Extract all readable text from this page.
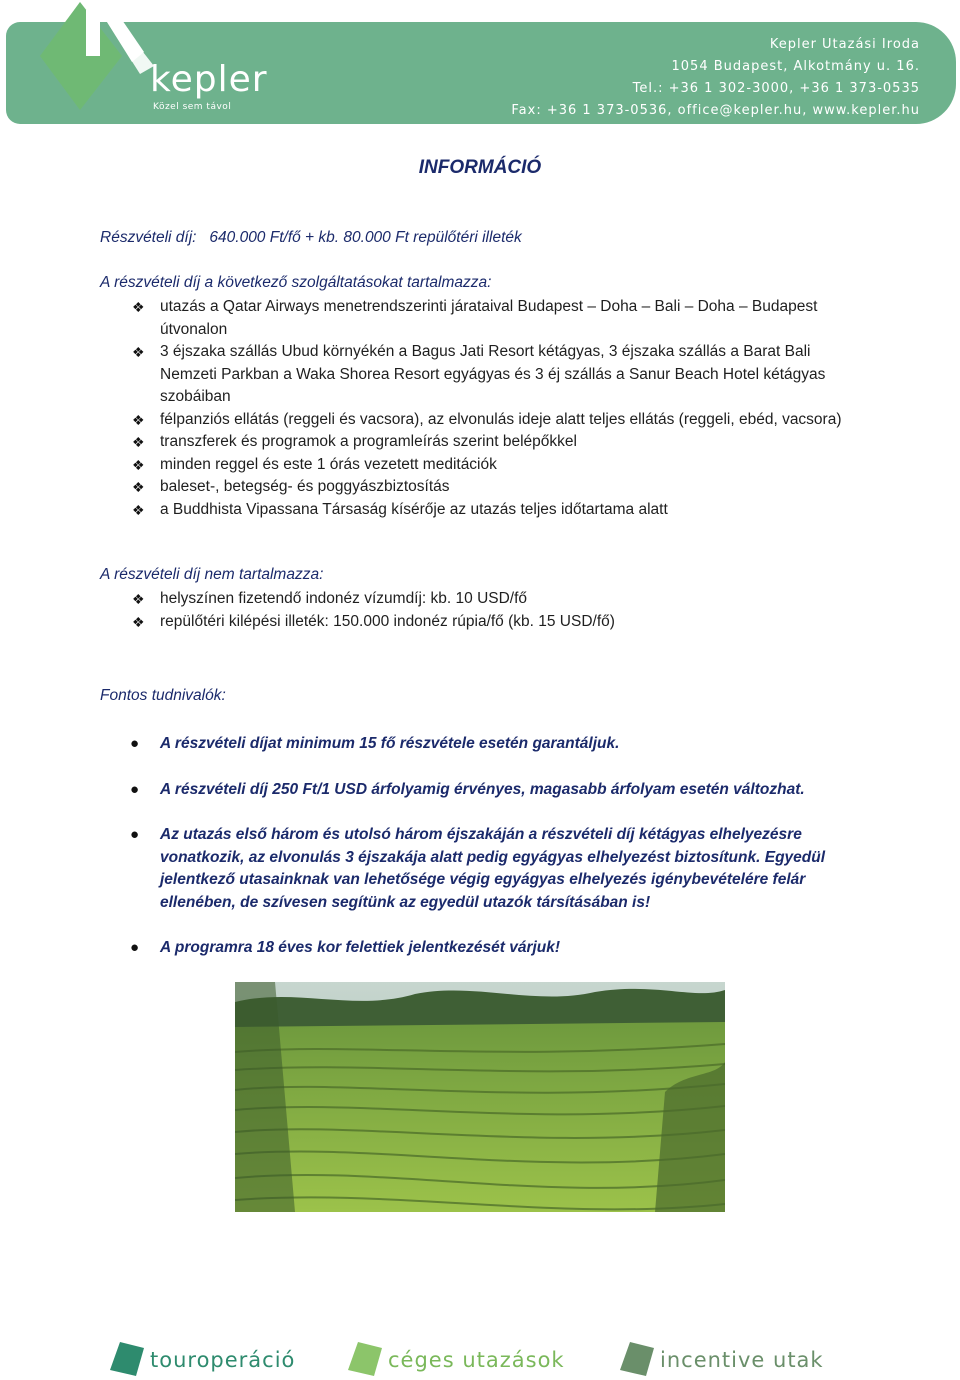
kepler
Közel sem távol
Kepler Utazási Iroda
1054 Budapest, Alkotmány u. 16.
Tel.: +36 1 302-3000, +36 1 373-0535
Fax: +36 1 373-0536, office@kepler.hu, www.kepler.hu
INFORMÁCIÓ
Részvételi díj:   640.000 Ft/fő + kb. 80.000 Ft repülőtéri illeték
A részvételi díj a következő szolgáltatásokat tartalmazza:
❖ utazás a Qatar Airways menetrendszerinti járataival Budapest – Doha – Bali – Doha – Budapest útvonalon
❖ 3 éjszaka szállás Ubud környékén a Bagus Jati Resort kétágyas, 3 éjszaka szállás a Barat Bali Nemzeti Parkban a Waka Shorea Resort egyágyas és 3 éj szállás a Sanur Beach Hotel kétágyas szobáiban
❖ félpanziós ellátás (reggeli és vacsora), az elvonulás ideje alatt teljes ellátás (reggeli, ebéd, vacsora)
❖ transzferek és programok a programleírás szerint belépőkkel
❖ minden reggel és este 1 órás vezetett meditációk
❖ baleset-, betegség- és poggyászbiztosítás
❖ a Buddhista Vipassana Társaság kísérője az utazás teljes időtartama alatt
A részvételi díj nem tartalmazza:
❖ helyszínen fizetendő indonéz vízumdíj: kb. 10 USD/fő
❖ repülőtéri kilépési illeték: 150.000 indonéz rúpia/fő (kb. 15 USD/fő)
Fontos tudnivalók:
● A részvételi díjat minimum 15 fő részvétele esetén garantáljuk.
● A részvételi díj 250 Ft/1 USD árfolyamig érvényes, magasabb árfolyam esetén változhat.
● Az utazás első három és utolsó három éjszakáján a részvételi díj kétágyas elhelyezésre vonatkozik, az elvonulás 3 éjszakája alatt pedig egyágyas elhelyezést biztosítunk. Egyedül jelentkező utasainknak van lehetősége végig egyágyas elhelyezés igénybevételére felár ellenében, de szívesen segítünk az egyedül utazók társításában is!
● A programra 18 éves kor felettiek jelentkezését várjuk!
touroperáció	céges utazások	incentive utak
